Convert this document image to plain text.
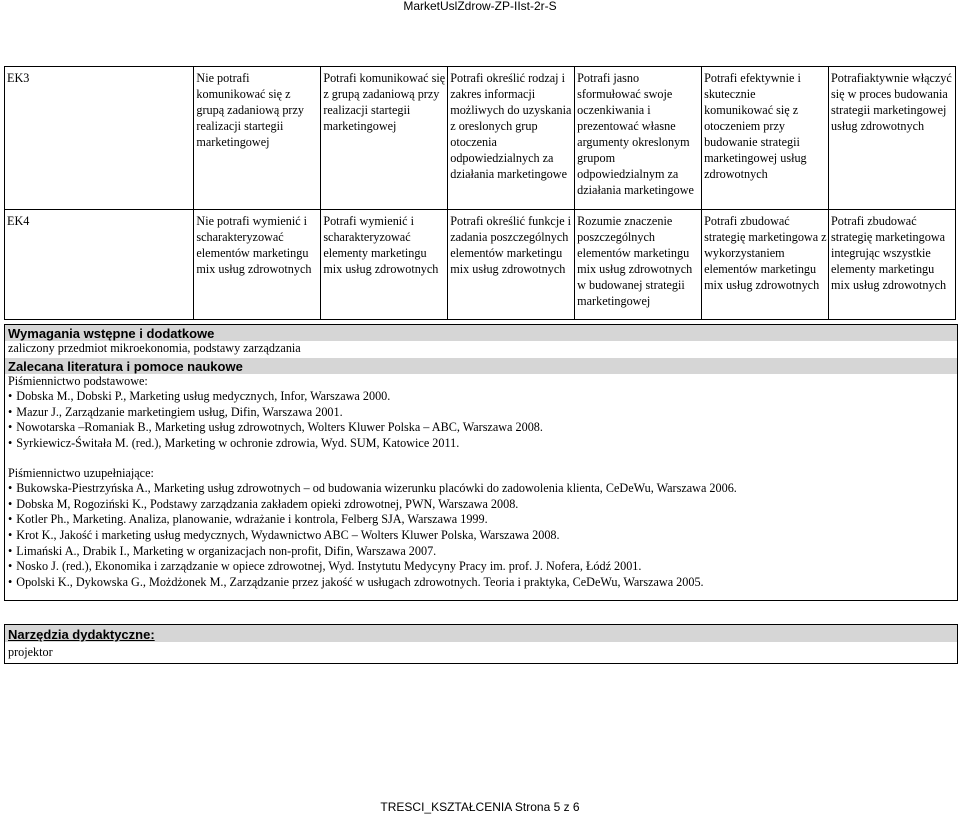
MarketUslZdrow-ZP-IIst-2r-S
EK3	Nie potrafi komunikować się z grupą zadaniową przy realizacji startegii marketingowej	Potrafi komunikować się z grupą zadaniową przy realizacji startegii marketingowej	Potrafi określić rodzaj i zakres informacji możliwych do uzyskania z oreslonych grup otoczenia odpowiedzialnych za działania marketingowe	Potrafi jasno sformułować swoje oczenkiwania i prezentować własne argumenty okreslonym grupom odpowiedzialnym za działania marketingowe	Potrafi efektywnie i skutecznie komunikować się z otoczeniem przy budowanie strategii marketingowej usług zdrowotnych	Potrafiaktywnie włączyć się w proces budowania strategii marketingowej usług zdrowotnych
EK4	Nie potrafi wymienić i scharakteryzować elementów marketingu mix usług zdrowotnych	Potrafi wymienić i scharakteryzować elementy marketingu mix usług zdrowotnych	Potrafi określić funkcje i zadania poszczególnych elementów marketingu mix usług zdrowotnych	Rozumie znaczenie poszczególnych elementów marketingu mix usług zdrowotnych w budowanej strategii marketingowej	Potrafi zbudować strategię marketingowa z wykorzystaniem elementów marketingu mix usług zdrowotnych	Potrafi zbudować strategię marketingowa integrując wszystkie elementy marketingu mix usług zdrowotnych
Wymagania wstępne i dodatkowe
zaliczony przedmiot mikroekonomia, podstawy zarządzania
Zalecana literatura i pomoce naukowe
Piśmiennictwo podstawowe:
• Dobska M., Dobski P., Marketing usług medycznych, Infor, Warszawa 2000.
• Mazur J., Zarządzanie marketingiem usług, Difin, Warszawa 2001.
• Nowotarska –Romaniak B., Marketing usług zdrowotnych, Wolters Kluwer Polska – ABC, Warszawa 2008.
• Syrkiewicz-Świtała M. (red.), Marketing w ochronie zdrowia, Wyd. SUM, Katowice 2011.
Piśmiennictwo uzupełniające:
• Bukowska-Piestrzyńska A., Marketing usług zdrowotnych – od budowania wizerunku placówki do zadowolenia klienta, CeDeWu, Warszawa 2006.
• Dobska M, Rogoziński K., Podstawy zarządzania zakładem opieki zdrowotnej, PWN, Warszawa 2008.
• Kotler Ph., Marketing. Analiza, planowanie, wdrażanie i kontrola, Felberg SJA, Warszawa 1999.
• Krot K., Jakość i marketing usług medycznych, Wydawnictwo ABC – Wolters Kluwer Polska, Warszawa 2008.
• Limański A., Drabik I., Marketing w organizacjach non-profit, Difin, Warszawa 2007.
• Nosko J. (red.), Ekonomika i zarządzanie w opiece zdrowotnej, Wyd. Instytutu Medycyny Pracy im. prof. J. Nofera, Łódź 2001.
• Opolski K., Dykowska G., Możdżonek M., Zarządzanie przez jakość w usługach zdrowotnych. Teoria i praktyka, CeDeWu, Warszawa 2005.
Narzędzia dydaktyczne:
projektor
TRESCI_KSZTAŁCENIA Strona 5 z 6
